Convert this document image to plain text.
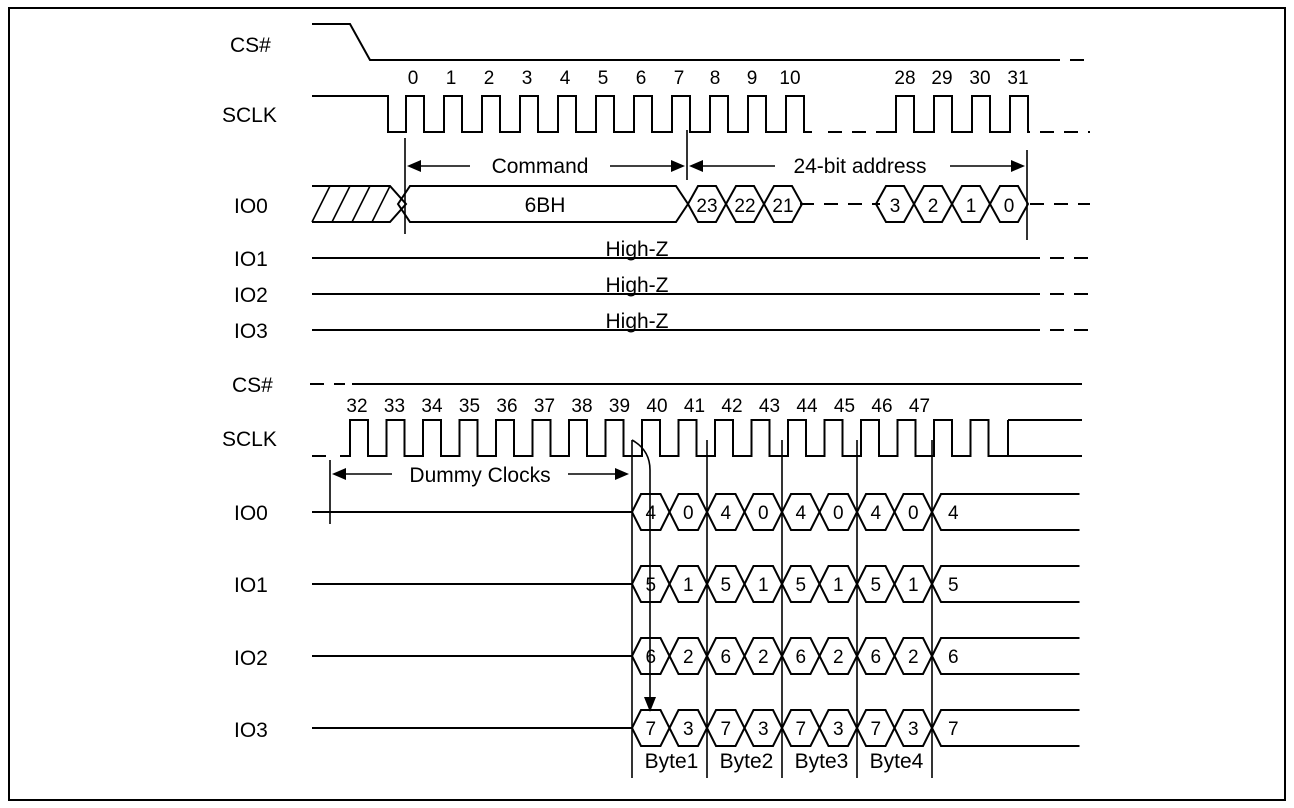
CS#
SCLK
IO0
IO1
IO2
IO3
CS#
SCLK
IO0
IO1
IO2
IO3
0 1 2 3 4 5 6 7 8 9 10	28 29 30 31
Command	24-bit address
6BH	23 22 21	3 2 1 0
High-Z
High-Z
High-Z
32 33 34 35 36 37 38 39 40 41 42 43 44 45 46 47
Dummy Clocks
4 0 4 0 4 0 4 0 4
5 1 5 1 5 1 5 1 5
6 2 6 2 6 2 6 2 6
7 3 7 3 7 3 7 3 7
Byte1 Byte2 Byte3 Byte4
